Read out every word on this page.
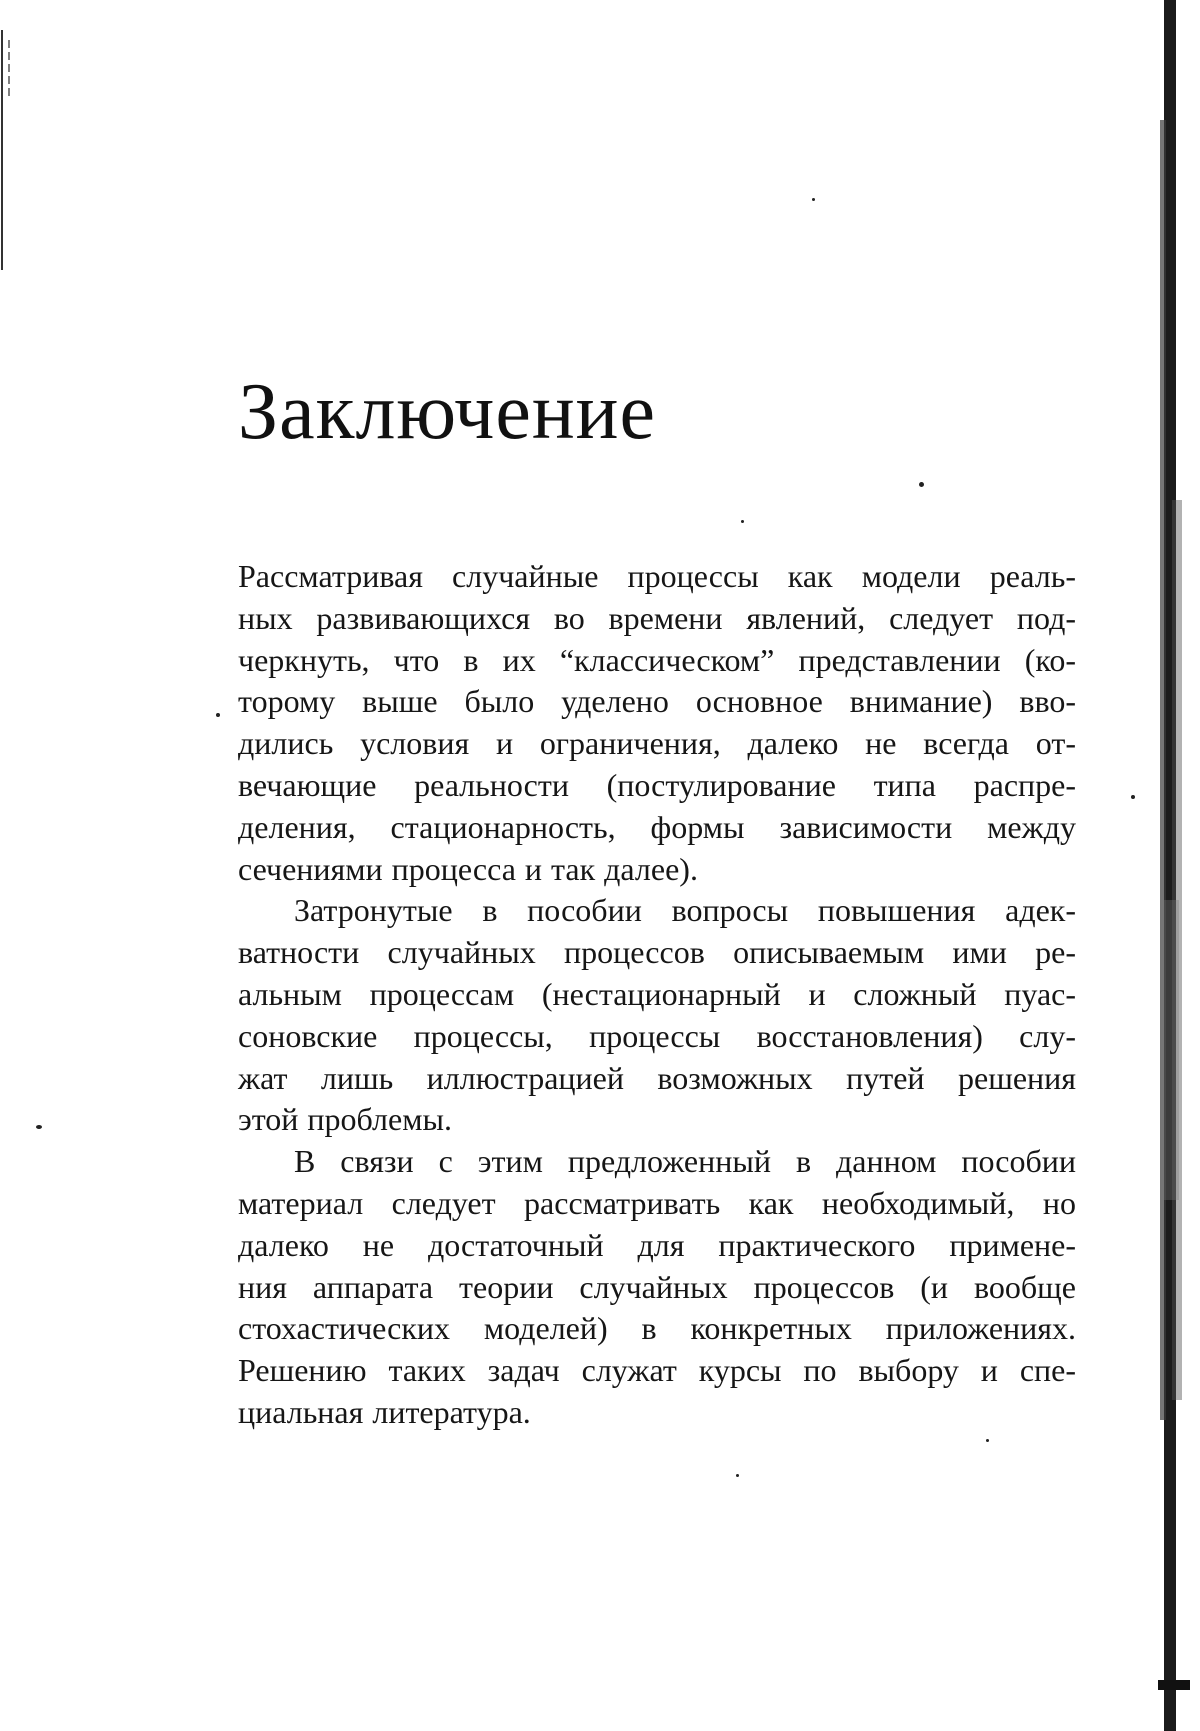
Заключение

Рассматривая случайные процессы как модели реаль-
ных развивающихся во времени явлений, следует под-
черкнуть, что в их “классическом” представлении (ко-
торому выше было уделено основное внимание) вво-
дились условия и ограничения, далеко не всегда от-
вечающие реальности (постулирование типа распре-
деления, стационарность, формы зависимости между
сечениями процесса и так далее).

Затронутые в пособии вопросы повышения адек-
ватности случайных процессов описываемым ими ре-
альным процессам (нестационарный и сложный пуас-
соновские процессы, процессы восстановления) слу-
жат лишь иллюстрацией возможных путей решения
этой проблемы.

В связи с этим предложенный в данном пособии
материал следует рассматривать как необходимый, но
далеко не достаточный для практического примене-
ния аппарата теории случайных процессов (и вообще
стохастических моделей) в конкретных приложениях.
Решению таких задач служат курсы по выбору и спе-
циальная литература.
